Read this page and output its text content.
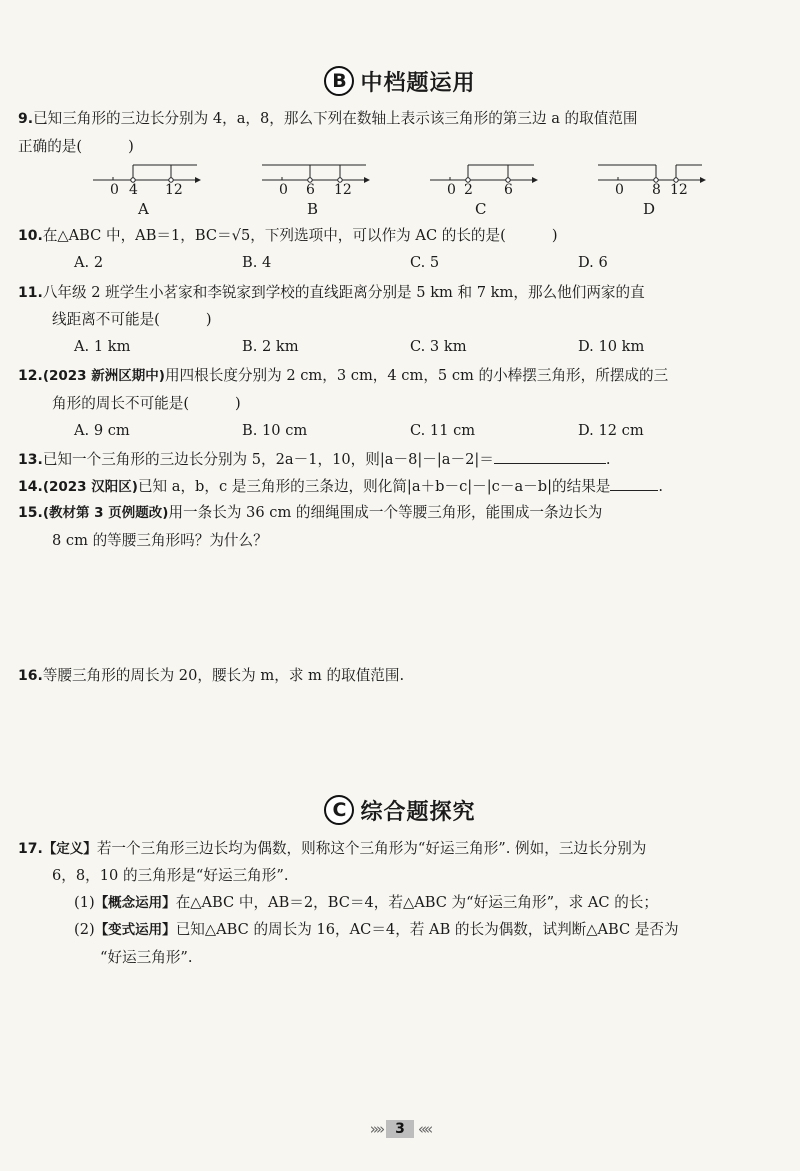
B 中档题运用
9.已知三角形的三边长分别为 4，a，8，那么下列在数轴上表示该三角形的第三边 a 的取值范围
正确的是(	)
0 4 12
A
0 6 12
B
0 2 6
C
0 8 12
D
10.在△ABC 中，AB＝1，BC＝√5，下列选项中，可以作为 AC 的长的是(	)
A. 2	B. 4	C. 5	D. 6
11.八年级 2 班学生小茗家和李锐家到学校的直线距离分别是 5 km 和 7 km，那么他们两家的直
线距离不可能是(	)
A. 1 km	B. 2 km	C. 3 km	D. 10 km
12.(2023 新洲区期中)用四根长度分别为 2 cm，3 cm，4 cm，5 cm 的小棒摆三角形，所摆成的三
角形的周长不可能是(	)
A. 9 cm	B. 10 cm	C. 11 cm	D. 12 cm
13.已知一个三角形的三边长分别为 5，2a－1，10，则|a－8|－|a－2|＝	.
14.(2023 汉阳区)已知 a，b，c 是三角形的三条边，则化简|a＋b－c|－|c－a－b|的结果是	.
15.(教材第 3 页例题改)用一条长为 36 cm 的细绳围成一个等腰三角形，能围成一条边长为
8 cm 的等腰三角形吗？为什么？
16.等腰三角形的周长为 20，腰长为 m，求 m 的取值范围.
C 综合题探究
17.【定义】若一个三角形三边长均为偶数，则称这个三角形为“好运三角形”. 例如，三边长分别为
6，8，10 的三角形是“好运三角形”.
(1)【概念运用】在△ABC 中，AB＝2，BC＝4，若△ABC 为“好运三角形”，求 AC 的长；
(2)【变式运用】已知△ABC 的周长为 16，AC＝4，若 AB 的长为偶数，试判断△ABC 是否为
“好运三角形”.
»» 3 ««
